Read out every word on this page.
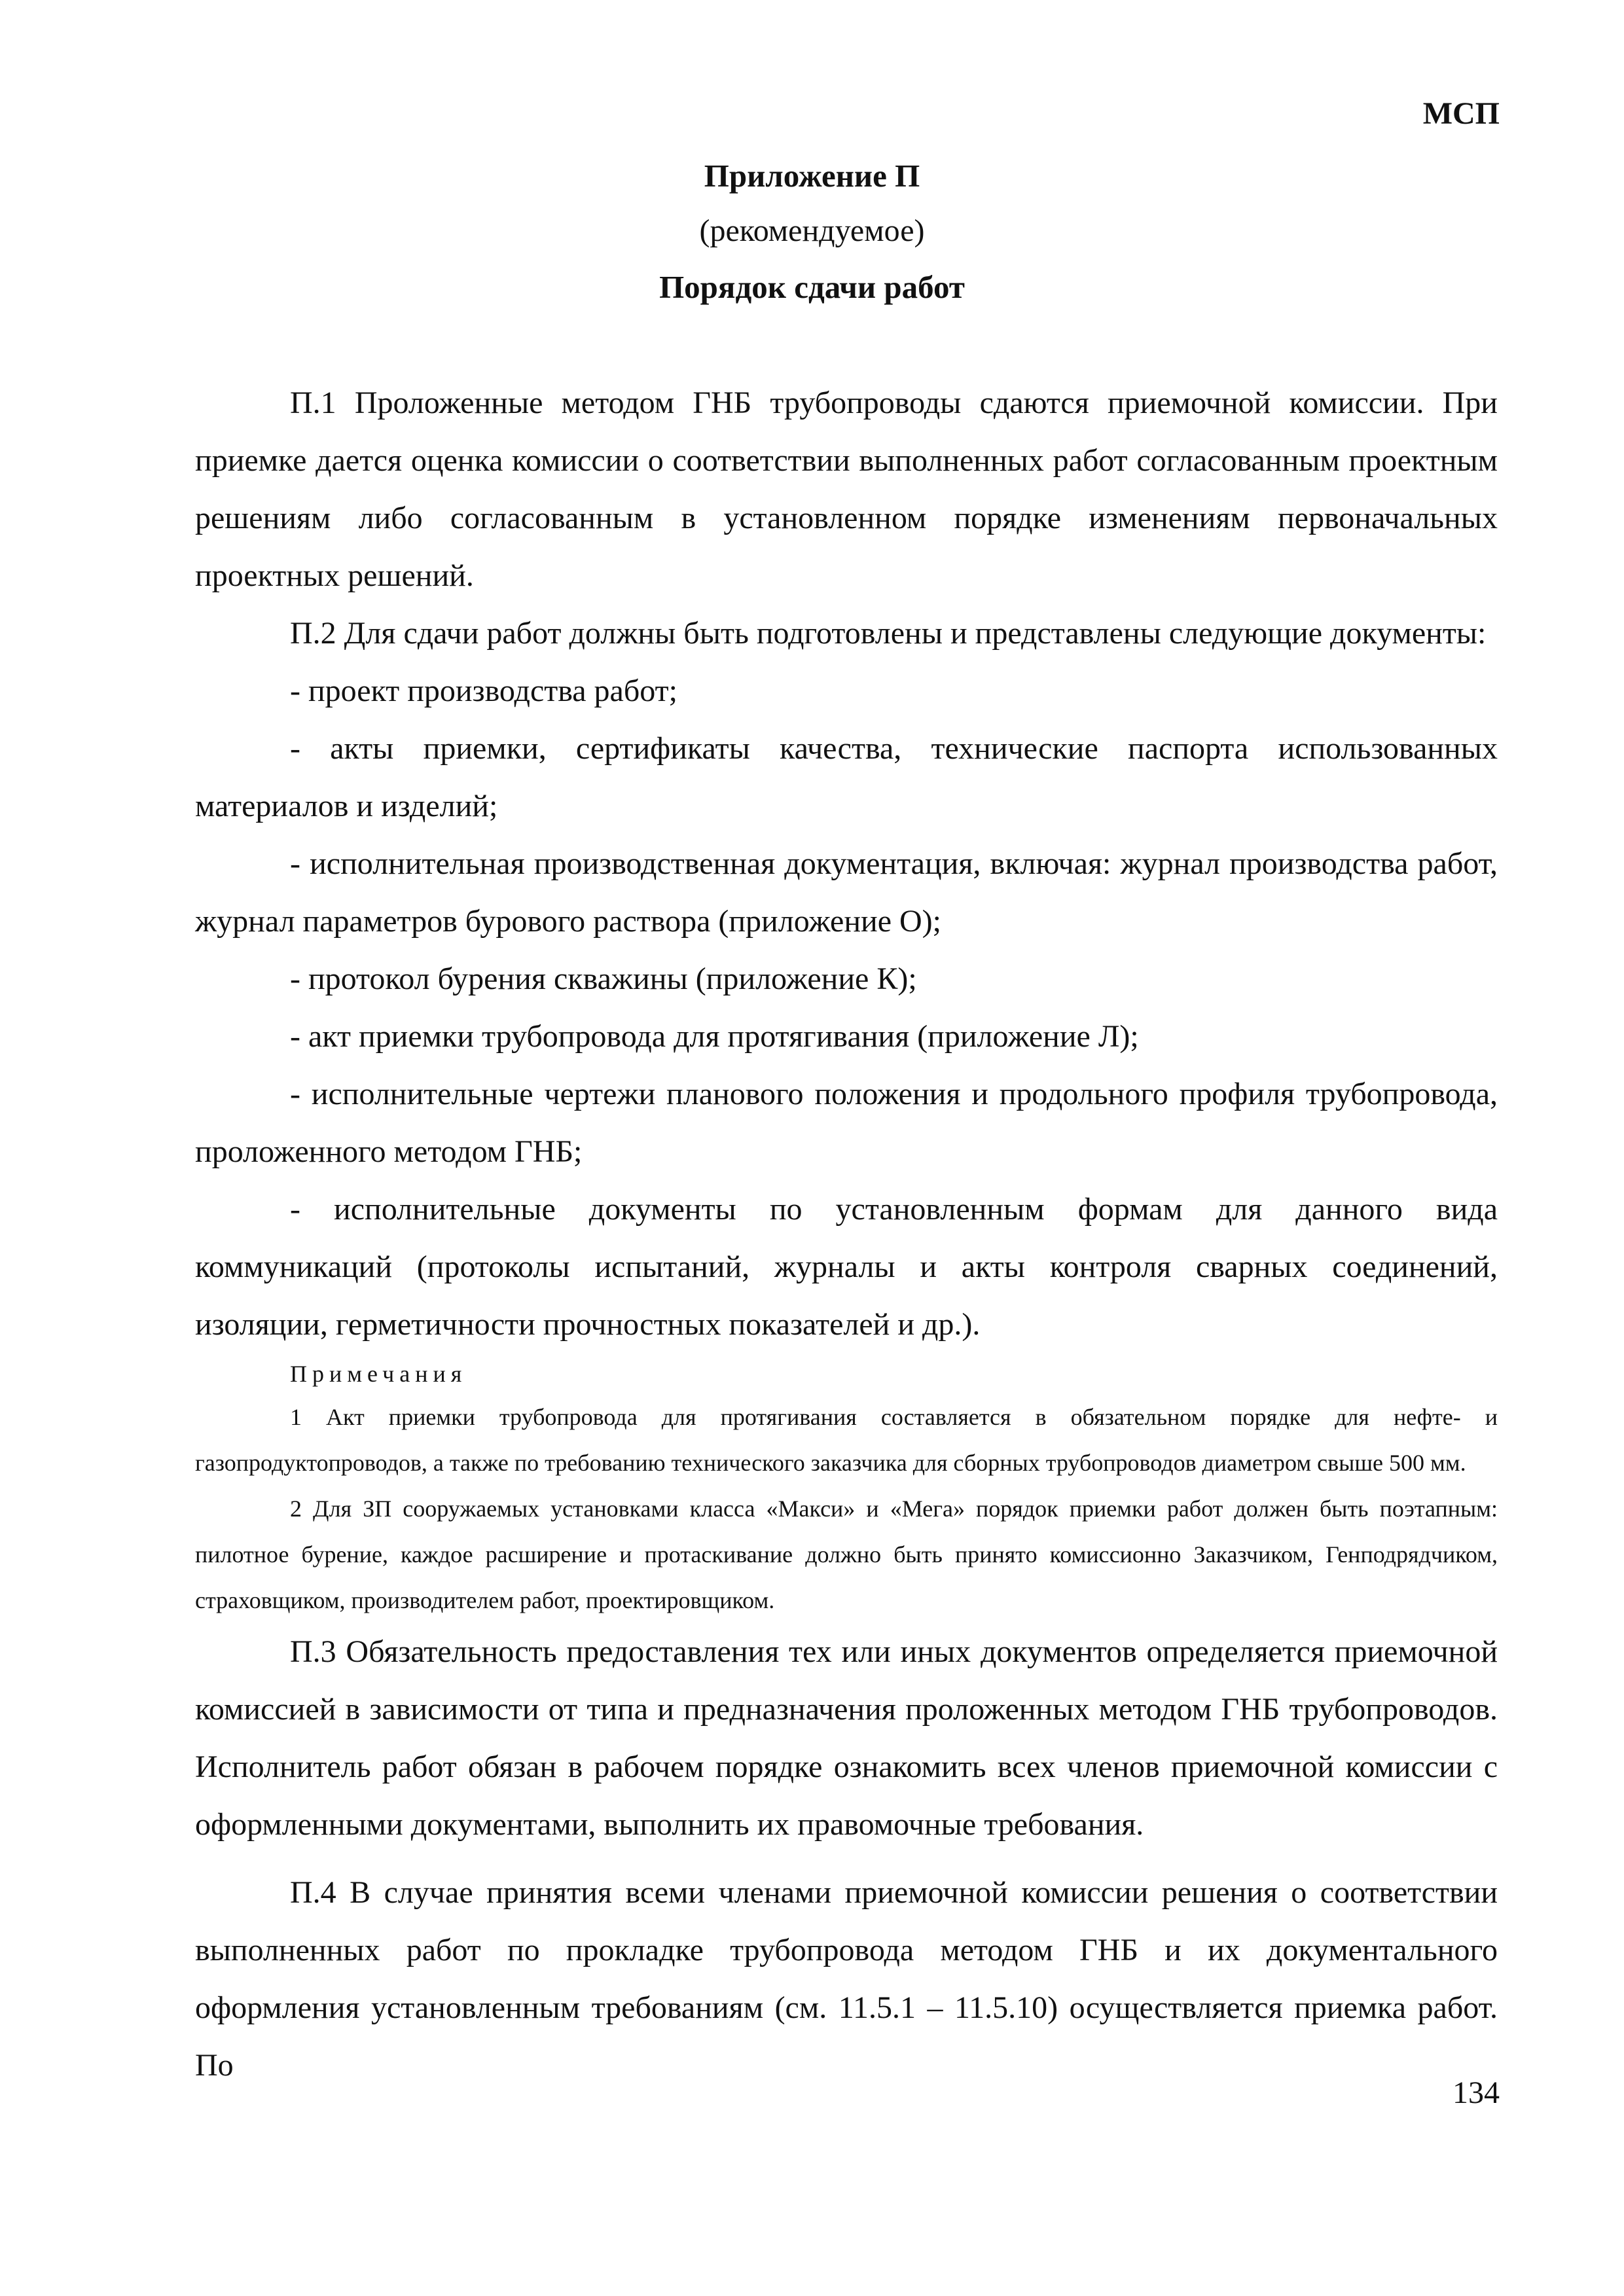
МСП
Приложение П
(рекомендуемое)
Порядок сдачи работ

П.1 Проложенные методом ГНБ трубопроводы сдаются приемочной комиссии. При приемке дается оценка комиссии о соответствии выполненных работ согласованным проектным решениям либо согласованным в установленном порядке изменениям первоначальных проектных решений.

П.2 Для сдачи работ должны быть подготовлены и представлены следующие документы:

- проект производства работ;

- акты приемки, сертификаты качества, технические паспорта использованных материалов и изделий;

- исполнительная производственная документация, включая: журнал производства работ, журнал параметров бурового раствора (приложение О);

- протокол бурения скважины (приложение К);

- акт приемки трубопровода для протягивания (приложение Л);

- исполнительные чертежи планового положения и продольного профиля трубопровода, проложенного методом ГНБ;

- исполнительные документы по установленным формам для данного вида коммуникаций (протоколы испытаний, журналы и акты контроля сварных соединений, изоляции, герметичности прочностных показателей и др.).

Примечания

1 Акт приемки трубопровода для протягивания составляется в обязательном порядке для нефте- и газопродуктопроводов, а также по требованию технического заказчика для сборных трубопроводов диаметром свыше 500 мм.

2 Для ЗП сооружаемых установками класса «Макси» и «Мега» порядок приемки работ должен быть поэтапным: пилотное бурение, каждое расширение и протаскивание должно быть принято комиссионно Заказчиком, Генподрядчиком, страховщиком, производителем работ, проектировщиком.

П.3 Обязательность предоставления тех или иных документов определяется приемочной комиссией в зависимости от типа и предназначения проложенных методом ГНБ трубопроводов. Исполнитель работ обязан в рабочем порядке ознакомить всех членов приемочной комиссии с оформленными документами, выполнить их правомочные требования.

П.4 В случае принятия всеми членами приемочной комиссии решения о соответствии выполненных работ по прокладке трубопровода методом ГНБ и их документального оформления установленным требованиям (см. 11.5.1 – 11.5.10) осуществляется приемка работ. По

134
